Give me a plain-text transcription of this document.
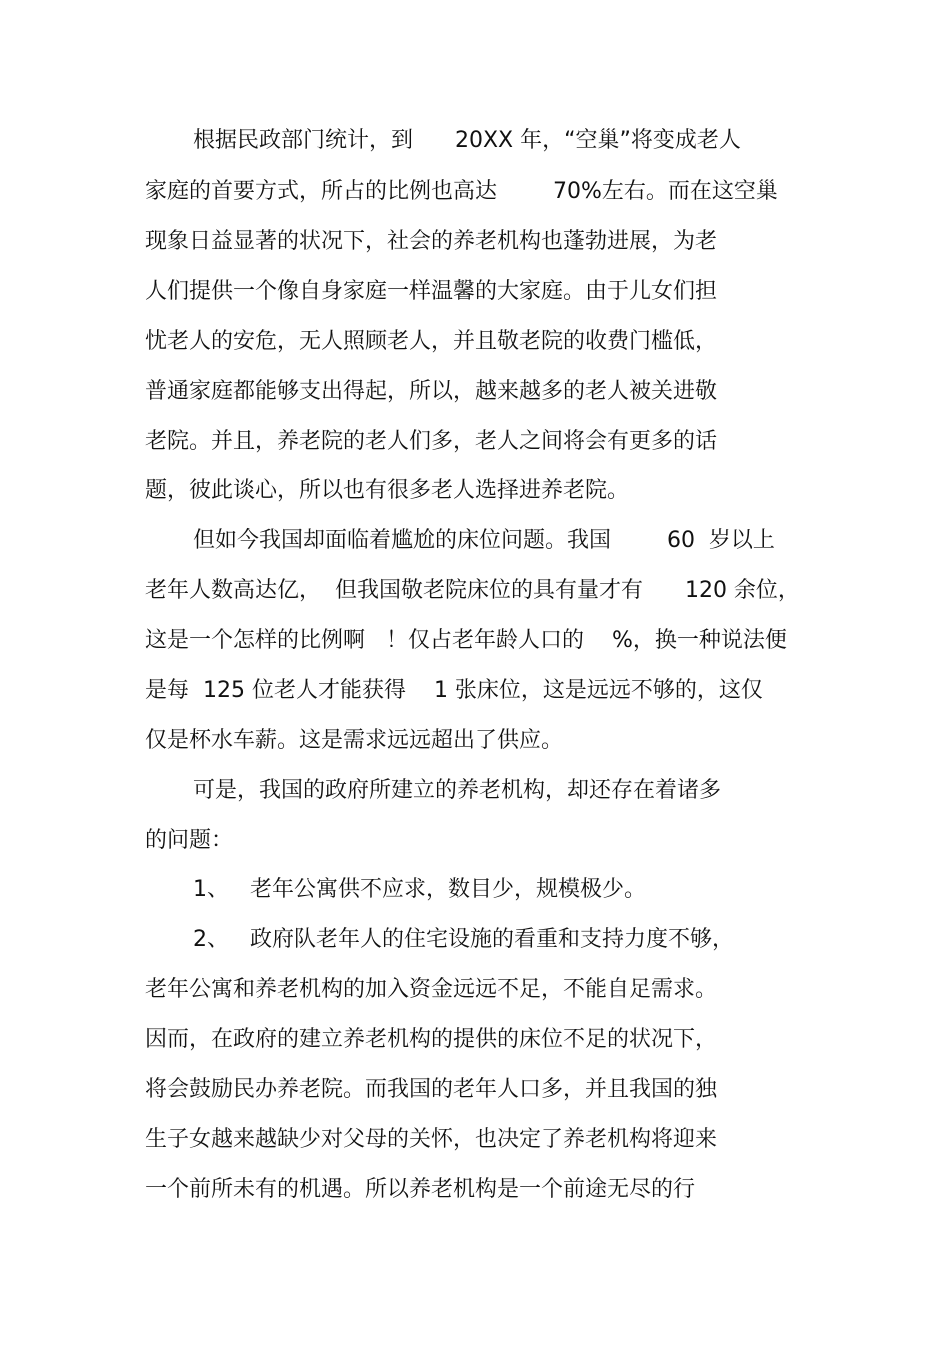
根据民政部门统计，到      20XX 年，“空巢”将变成老人
家庭的首要方式，所占的比例也高达        70%左右。而在这空巢
现象日益显著的状况下，社会的养老机构也蓬勃进展，为老
人们提供一个像自身家庭一样温馨的大家庭。由于儿女们担
忧老人的安危，无人照顾老人，并且敬老院的收费门槛低，
普通家庭都能够支出得起，所以，越来越多的老人被关进敬
老院。并且，养老院的老人们多，老人之间将会有更多的话
题，彼此谈心，所以也有很多老人选择进养老院。
但如今我国却面临着尴尬的床位问题。我国        60  岁以上
老年人数高达亿，  但我国敬老院床位的具有量才有      120 余位，
这是一个怎样的比例啊   ！仅占老年龄人口的    %，换一种说法便
是每  125 位老人才能获得    1 张床位，这是远远不够的，这仅
仅是杯水车薪。这是需求远远超出了供应。
可是，我国的政府所建立的养老机构，却还存在着诸多
的问题：
1、   老年公寓供不应求，数目少，规模极少。
2、   政府队老年人的住宅设施的看重和支持力度不够，
老年公寓和养老机构的加入资金远远不足，不能自足需求。
因而，在政府的建立养老机构的提供的床位不足的状况下，
将会鼓励民办养老院。而我国的老年人口多，并且我国的独
生子女越来越缺少对父母的关怀，也决定了养老机构将迎来
一个前所未有的机遇。所以养老机构是一个前途无尽的行
